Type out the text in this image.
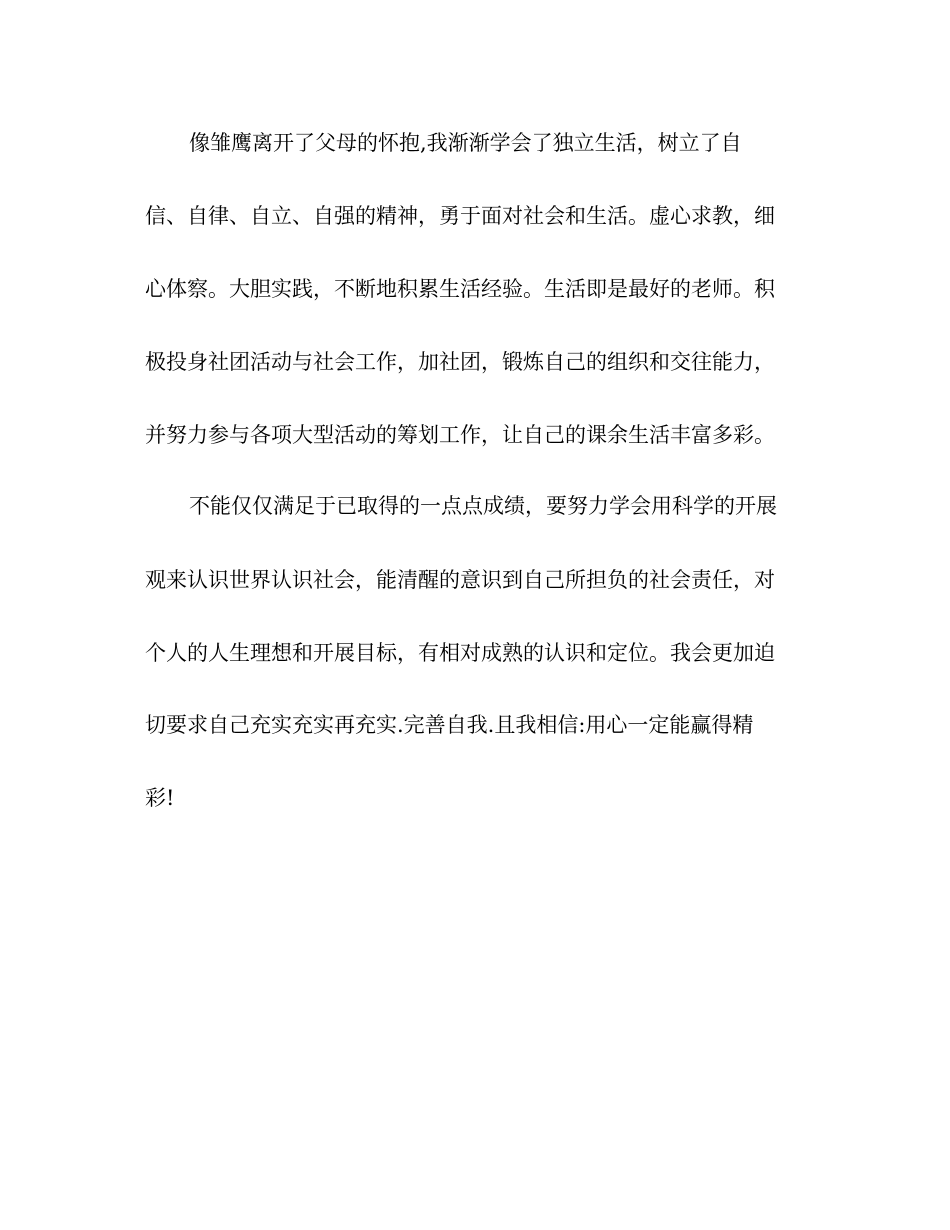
像雏鹰离开了父母的怀抱,我渐渐学会了独立生活，树立了自
信、自律、自立、自强的精神，勇于面对社会和生活。虚心求教，细
心体察。大胆实践，不断地积累生活经验。生活即是最好的老师。积
极投身社团活动与社会工作，加社团，锻炼自己的组织和交往能力，
并努力参与各项大型活动的筹划工作，让自己的课余生活丰富多彩。
不能仅仅满足于已取得的一点点成绩，要努力学会用科学的开展
观来认识世界认识社会，能清醒的意识到自己所担负的社会责任，对
个人的人生理想和开展目标，有相对成熟的认识和定位。我会更加迫
切要求自己充实充实再充实.完善自我.且我相信:用心一定能赢得精
彩!
